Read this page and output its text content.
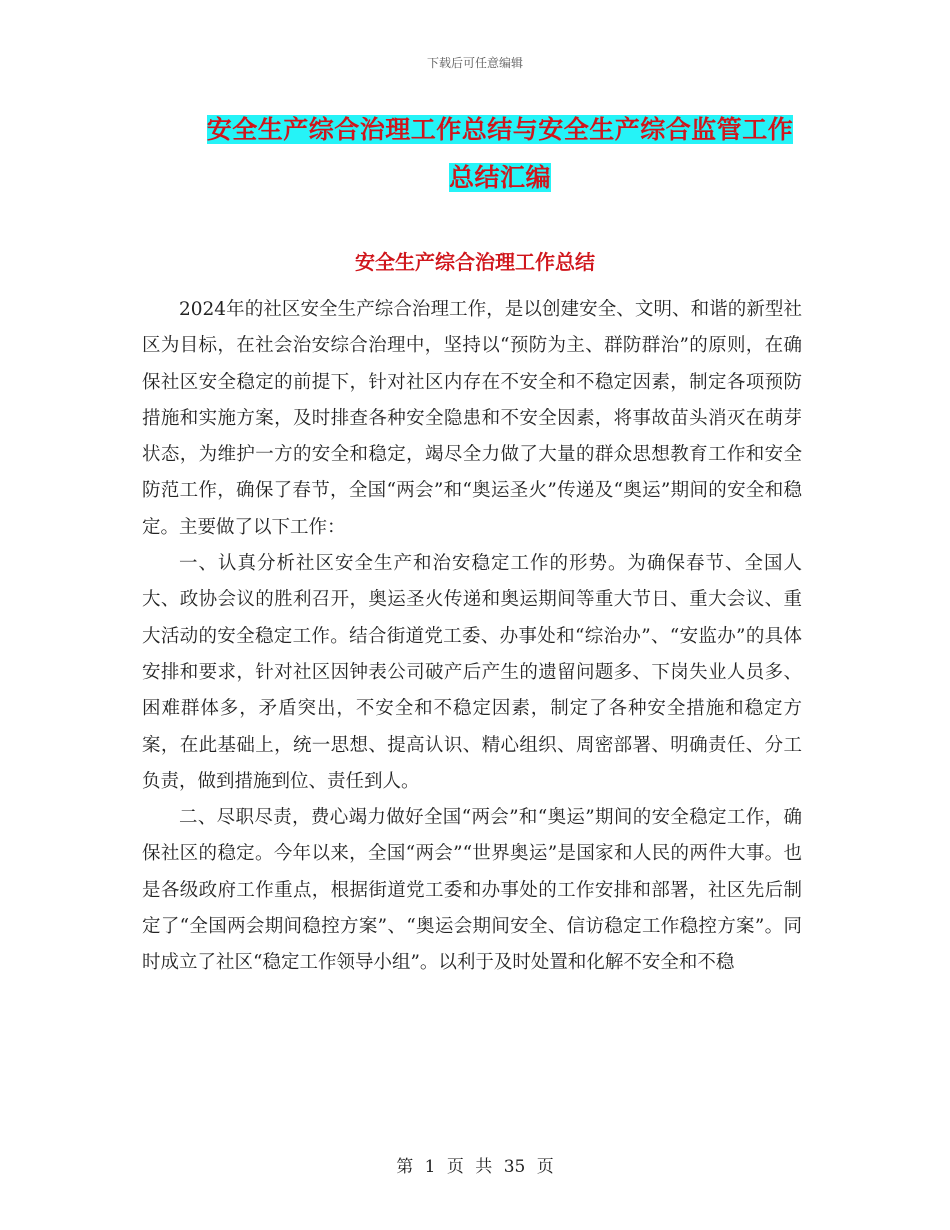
下载后可任意编辑
安全生产综合治理工作总结与安全生产综合监管工作
总结汇编
安全生产综合治理工作总结

2024年的社区安全生产综合治理工作，是以创建安全、文明、和谐的新型社区为目标，在社会治安综合治理中，坚持以“预防为主、群防群治”的原则，在确保社区安全稳定的前提下，针对社区内存在不安全和不稳定因素，制定各项预防措施和实施方案，及时排查各种安全隐患和不安全因素，将事故苗头消灭在萌芽状态，为维护一方的安全和稳定，竭尽全力做了大量的群众思想教育工作和安全防范工作，确保了春节，全国“两会”和“奥运圣火”传递及“奥运”期间的安全和稳定。主要做了以下工作：

一、认真分析社区安全生产和治安稳定工作的形势。为确保春节、全国人大、政协会议的胜利召开，奥运圣火传递和奥运期间等重大节日、重大会议、重大活动的安全稳定工作。结合街道党工委、办事处和“综治办”、“安监办”的具体安排和要求，针对社区因钟表公司破产后产生的遗留问题多、下岗失业人员多、困难群体多，矛盾突出，不安全和不稳定因素，制定了各种安全措施和稳定方案，在此基础上，统一思想、提高认识、精心组织、周密部署、明确责任、分工负责，做到措施到位、责任到人。

二、尽职尽责，费心竭力做好全国“两会”和“奥运”期间的安全稳定工作，确保社区的稳定。今年以来，全国“两会”“世界奥运”是国家和人民的两件大事。也是各级政府工作重点，根据街道党工委和办事处的工作安排和部署，社区先后制定了“全国两会期间稳控方案”、“奥运会期间安全、信访稳定工作稳控方案”。同时成立了社区“稳定工作领导小组”。以利于及时处置和化解不安全和不稳

第 1 页 共 35 页
